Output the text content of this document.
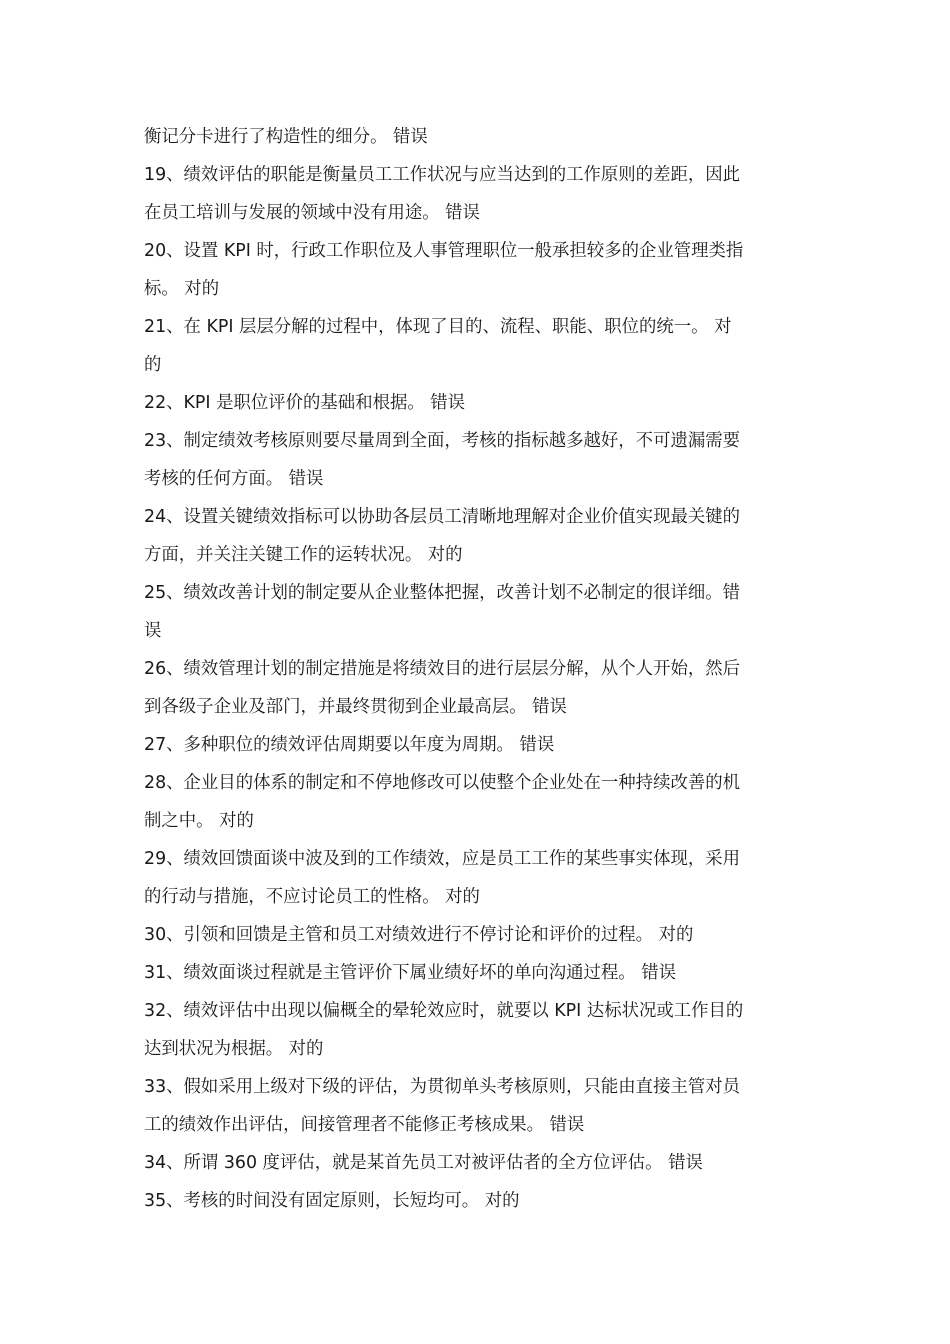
衡记分卡进行了构造性的细分。 错误
19、绩效评估的职能是衡量员工工作状况与应当达到的工作原则的差距，因此
在员工培训与发展的领域中没有用途。 错误
20、设置 KPI 时，行政工作职位及人事管理职位一般承担较多的企业管理类指
标。 对的
21、在 KPI 层层分解的过程中，体现了目的、流程、职能、职位的统一。 对
的
22、KPI 是职位评价的基础和根据。 错误
23、制定绩效考核原则要尽量周到全面，考核的指标越多越好，不可遗漏需要
考核的任何方面。 错误
24、设置关键绩效指标可以协助各层员工清晰地理解对企业价值实现最关键的
方面，并关注关键工作的运转状况。 对的
25、绩效改善计划的制定要从企业整体把握，改善计划不必制定的很详细。错
误
26、绩效管理计划的制定措施是将绩效目的进行层层分解，从个人开始，然后
到各级子企业及部门，并最终贯彻到企业最高层。 错误
27、多种职位的绩效评估周期要以年度为周期。 错误
28、企业目的体系的制定和不停地修改可以使整个企业处在一种持续改善的机
制之中。 对的
29、绩效回馈面谈中波及到的工作绩效，应是员工工作的某些事实体现，采用
的行动与措施，不应讨论员工的性格。 对的
30、引领和回馈是主管和员工对绩效进行不停讨论和评价的过程。 对的
31、绩效面谈过程就是主管评价下属业绩好坏的单向沟通过程。 错误
32、绩效评估中出现以偏概全的晕轮效应时，就要以 KPI 达标状况或工作目的
达到状况为根据。 对的
33、假如采用上级对下级的评估，为贯彻单头考核原则，只能由直接主管对员
工的绩效作出评估，间接管理者不能修正考核成果。 错误
34、所谓 360 度评估，就是某首先员工对被评估者的全方位评估。 错误
35、考核的时间没有固定原则，长短均可。 对的
